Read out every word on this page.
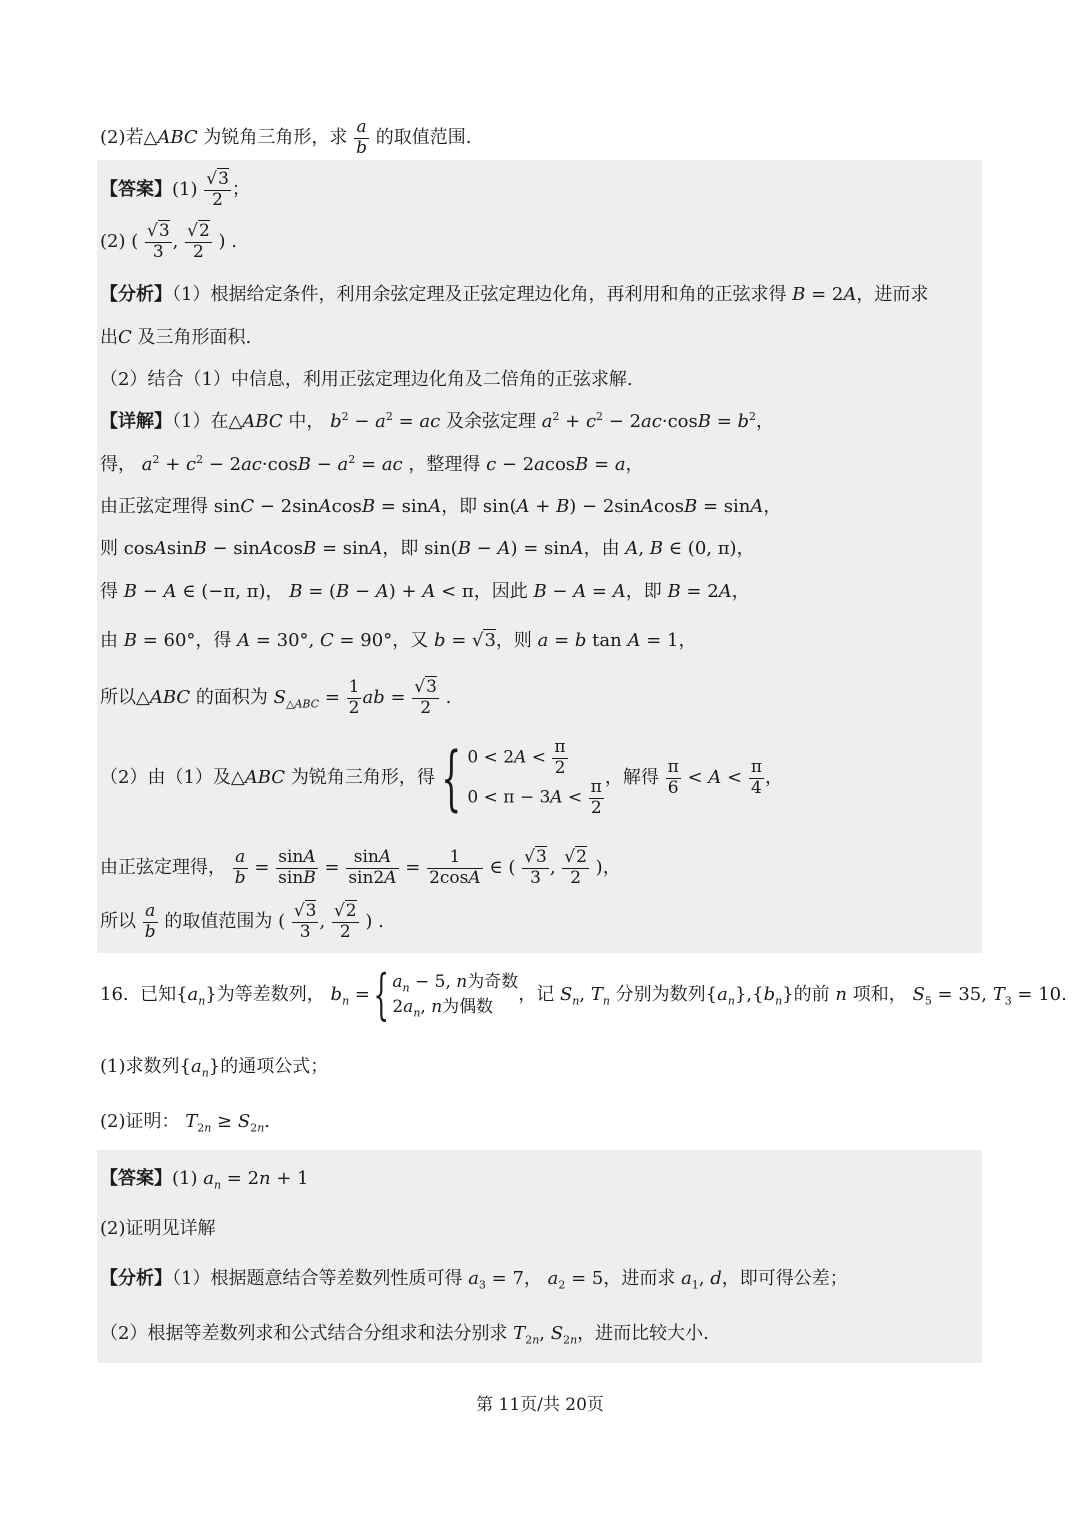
(2)若△ABC 为锐角三角形，求 $\frac{a}{b}$ 的取值范围.
【答案】$(1) \frac{√3}{2}$ ；
(2) ( $\frac{√3}{3}$ , $\frac{√2}{2}$ ) .
【分析】（1）根据给定条件，利用余弦定理及正弦定理边化角，再利用和角的正弦求得 B = 2A，进而求
出C 及三角形面积.
（2）结合（1）中信息，利用正弦定理边化角及二倍角的正弦求解.
【详解】（1）在△ABC 中， $b^2 - a^2$ = ac 及余弦定理 $a^2 + c^2 - 2ac\cdot\cos B = b^2$，
得， $a^2 + c^2 - 2ac\cdot\cos B - a^2$ = ac ，整理得 c − 2acosB = a，
由正弦定理得 sinC − 2sinAcosB = sinA，即 sin(A + B) − 2sinAcosB = sinA，
则 cosAsinB − sinAcosB = sinA，即 sin(B − A) = sinA，由 A, B ∈ (0, π)，
得 B − A ∈ (−π, π)， B = (B − A) + A < π，因此 B − A = A，即 B = 2A，
由 B = 60°，得 A = 30°, C = 90°，又 b = √3，则 a = b tan A = 1，
所以△ABC 的面积为 $S_{\triangle ABC} = \frac{1}{2}$ ab = $\frac{√3}{2}$ .
（2）由（1）及△ABC 为锐角三角形，得{ $0 < 2A < \frac{\pi}{2}$

$0 < \pi - 3A < \frac{\pi}{2}$
，解得 $\frac{\pi}{6} < A < \frac{\pi}{4}$ ，
由正弦定理得， $\frac{a}{b} = \frac{\sin A}{\sin B} = \frac{\sin A}{\sin 2A} = \frac{1}{2\cos A}$ ∈ ( $\frac{√3}{3}$ , $\frac{√2}{2}$ )，
所以 $\frac{a}{b}$ 的取值范围为 ( $\frac{√3}{3}$ , $\frac{√2}{2}$ ) .
16.  已知$\{a_n\}$为等差数列， $b_n$ ={ $a_n - 5$, n为奇数
$2a_n$, n为偶数，记 $S_n$, $T_n$ 分别为数列$\{a_n\},\{b_n\}$的前 n 项和， $S_5 = 35$, $T_3 = 10$.
(1)求数列$\{a_n\}$的通项公式；
(2)证明： $T_{2n} \ge S_{2n}$.
【答案】(1) $a_n = 2n + 1$
(2)证明见详解
【分析】（1）根据题意结合等差数列性质可得 $a_3 = 7$， $a_2 = 5$，进而求 $a_1$, d，即可得公差；
（2）根据等差数列求和公式结合分组求和法分别求 $T_{2n}$, $S_{2n}$，进而比较大小.
第 11页/共 20页
